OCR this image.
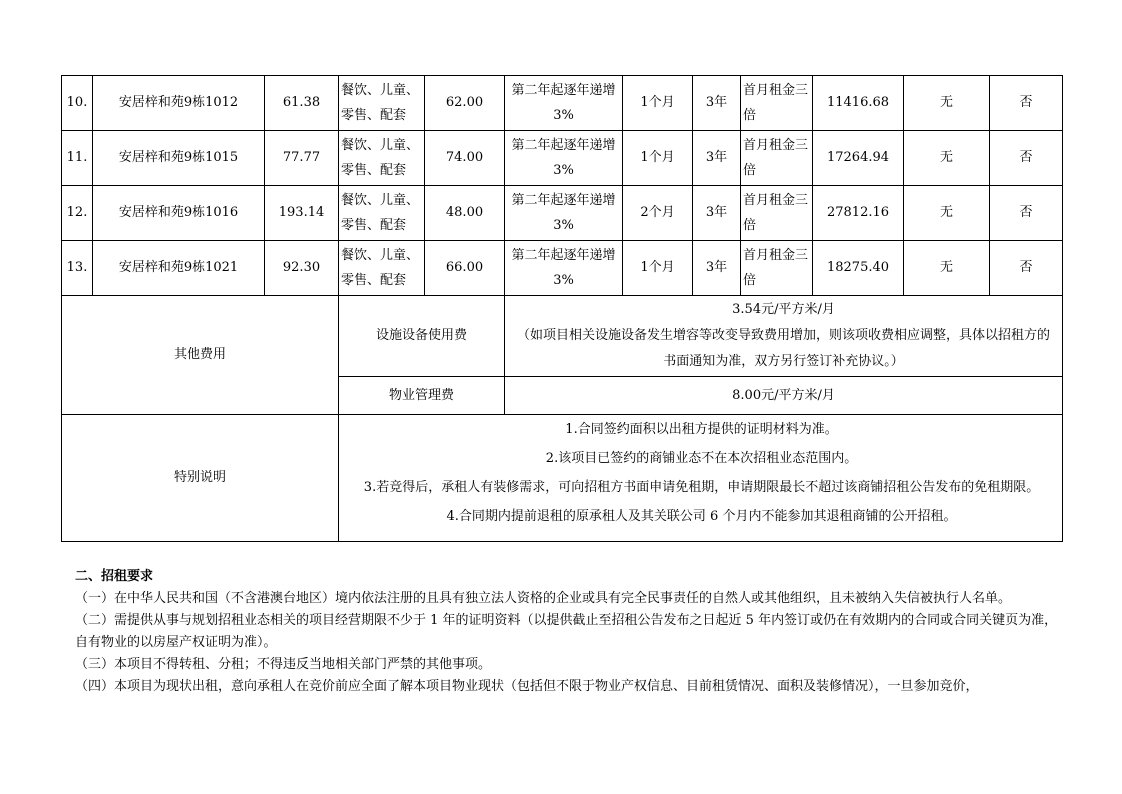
10.	安居梓和苑9栋1012	61.38	餐饮、儿童、零售、配套	62.00	第二年起逐年递增3%	1个月	3年	首月租金三倍	11416.68	无	否
11.	安居梓和苑9栋1015	77.77	餐饮、儿童、零售、配套	74.00	第二年起逐年递增3%	1个月	3年	首月租金三倍	17264.94	无	否
12.	安居梓和苑9栋1016	193.14	餐饮、儿童、零售、配套	48.00	第二年起逐年递增3%	2个月	3年	首月租金三倍	27812.16	无	否
13.	安居梓和苑9栋1021	92.30	餐饮、儿童、零售、配套	66.00	第二年起逐年递增3%	1个月	3年	首月租金三倍	18275.40	无	否
其他费用			设施设备使用费		3.54元/平方米/月
（如项目相关设施设备发生增容等改变导致费用增加，则该项收费相应调整，具体以招租方的书面通知为准，双方另行签订补充协议。）						

			物业管理费		8.00元/平方米/月						
特别说明			1.合同签约面积以出租方提供的证明材料为准。
2.该项目已签约的商铺业态不在本次招租业态范围内。
3.若竞得后，承租人有装修需求，可向招租方书面申请免租期，申请期限最长不超过该商铺招租公告发布的免租期限。
4.合同期内提前退租的原承租人及其关联公司 6 个月内不能参加其退租商铺的公开招租。								
二、招租要求
（一）在中华人民共和国（不含港澳台地区）境内依法注册的且具有独立法人资格的企业或具有完全民事责任的自然人或其他组织，且未被纳入失信被执行人名单。
（二）需提供从事与规划招租业态相关的项目经营期限不少于 1 年的证明资料（以提供截止至招租公告发布之日起近 5 年内签订或仍在有效期内的合同或合同关键页为准，自有物业的以房屋产权证明为准）。
（三）本项目不得转租、分租；不得违反当地相关部门严禁的其他事项。
（四）本项目为现状出租，意向承租人在竞价前应全面了解本项目物业现状（包括但不限于物业产权信息、目前租赁情况、面积及装修情况），一旦参加竞价，
